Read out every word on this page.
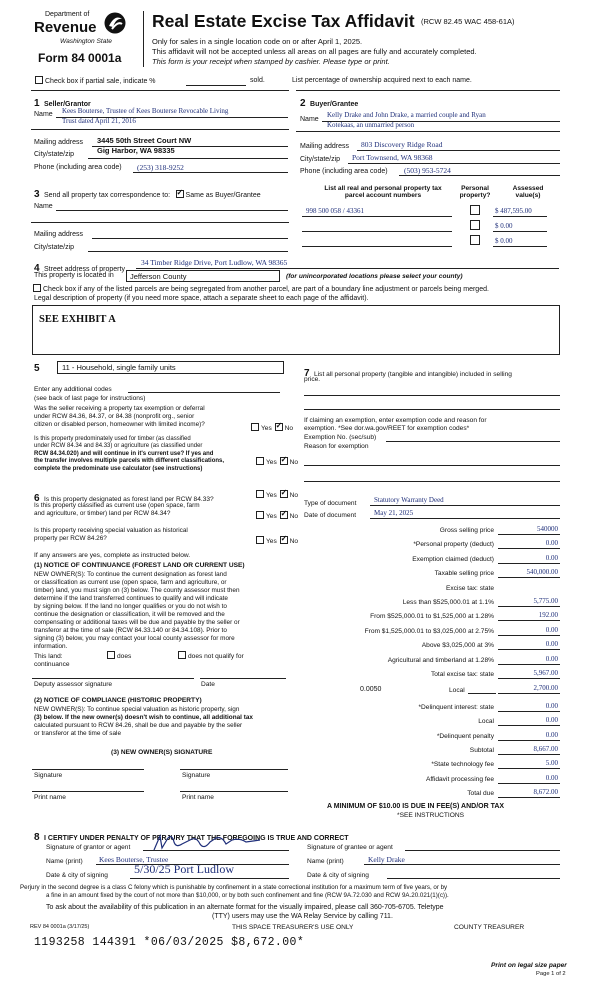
Department of
Revenue
Washington State
Form 84 0001a
Real Estate Excise Tax Affidavit (RCW 82.45 WAC 458-61A)
Only for sales in a single location code on or after April 1, 2025.
This affidavit will not be accepted unless all areas on all pages are fully and accurately completed.
This form is your receipt when stamped by cashier. Please type or print.
Check box if partial sale, indicate %	sold.	List percentage of ownership acquired next to each name.
1 Seller/Grantor
Name Kees Bouterse, Trustee of Kees Bouterse Revocable Living
Trust dated April 21, 2016
Mailing address 3445 50th Street Court NW
City/state/zip	Gig Harbor, WA 98335
Phone (including area code) (253) 318-9252
2 Buyer/Grantee
Name
Kelly Drake and John Drake, a married couple and Ryan
Kotekaas, an unmarried person
Mailing address 803 Discovery Ridge Road
City/state/zip Port Townsend, WA 98368
Phone (including area code) (503) 953-5724
3 Send all property tax correspondence to: ✓ Same as Buyer/Grantee
Name
Mailing address
City/state/zip
List all real and personal property tax
parcel account numbers
Personal
property?
Assessed
value(s)
998 500 058 / 43361	$ 487,595.00
$ 0.00
$ 0.00
4 Street address of property
34 Timber Ridge Drive, Port Ludlow, WA 98365
This property is located in	Jefferson County	(for unincorporated locations please select your county)
Check box if any of the listed parcels are being segregated from another parcel, are part of a boundary line adjustment or parcels being merged.
Legal description of property (if you need more space, attach a separate sheet to each page of the affidavit).
SEE EXHIBIT A
5	11 - Household, single family units
Enter any additional codes
(see back of last page for instructions)
Was the seller receiving a property tax exemption or deferral
under RCW 84.36, 84.37, or 84.38 (nonprofit org., senior
citizen or disabled person, homeowner with limited income)?
Yes ✓ No
Is this property predominately used for timber (as classified
under RCW 84.34 and 84.33) or agriculture (as classified under
RCW 84.34.020) and will continue in it's current use? If yes and
the transfer involves multiple parcels with different classifications,
complete the predominate use calculator (see instructions)
Yes ✓ No
6 Is this property designated as forest land per RCW 84.33?
Yes ✓ No
Is this property classified as current use (open space, farm
and agriculture, or timber) land per RCW 84.34?	Yes ✓ No
Is this property receiving special valuation as historical
property per RCW 84.26?	Yes ✓ No
If any answers are yes, complete as instructed below.
(1) NOTICE OF CONTINUANCE (FOREST LAND OR CURRENT USE)
NEW OWNER(S): To continue the current designation as forest land
or classification as current use (open space, farm and agriculture, or
timber) land, you must sign on (3) below. The county assessor must then
determine if the land transferred continues to qualify and will indicate
by signing below. If the land no longer qualifies or you do not wish to
continue the designation or classification, it will be removed and the
compensating or additional taxes will be due and payable by the seller or
transferor at the time of sale (RCW 84.33.140 or 84.34.108). Prior to
signing (3) below, you may contact your local county assessor for more
information.
This land:
continuance
does	does not qualify for
Deputy assessor signature	Date
(2) NOTICE OF COMPLIANCE (HISTORIC PROPERTY)
NEW OWNER(S): To continue special valuation as historic property, sign
(3) below. If the new owner(s) doesn't wish to continue, all additional tax
calculated pursuant to RCW 84.26, shall be due and payable by the seller
or transferor at the time of sale
(3) NEW OWNER(S) SIGNATURE
Signature	Signature
Print name	Print name
7 List all personal property (tangible and intangible) included in selling
price.
If claiming an exemption, enter exemption code and reason for
exemption. *See dor.wa.gov/REET for exemption codes*
Exemption No. (sec/sub)
Reason for exemption
Type of document	Statutory Warranty Deed
Date of document	May 21, 2025
Gross selling price	540000
*Personal property (deduct)	0.00
Exemption claimed (deduct)	0.00
Taxable selling price	540,000.00
Excise tax: state
Less than $525,000.01 at 1.1%	5,775.00
From $525,000.01 to $1,525,000 at 1.28%	192.00
From $1,525,000.01 to $3,025,000 at 2.75%	0.00
Above $3,025,000 at 3%	0.00
Agricultural and timberland at 1.28%	0.00
Total excise tax: state	5,967.00
0.0050	Local	2,700.00
*Delinquent interest: state	0.00
Local	0.00
*Delinquent penalty	0.00
Subtotal	8,667.00
*State technology fee	5.00
Affidavit processing fee	0.00
Total due	8,672.00
A MINIMUM OF $10.00 IS DUE IN FEE(S) AND/OR TAX
*SEE INSTRUCTIONS
8 I CERTIFY UNDER PENALTY OF PERJURY THAT THE FOREGOING IS TRUE AND CORRECT
Signature of grantor or agent
Name (print) Kees Bouterse, Trustee
Date & city of signing 5/30/25 Port Ludlow
Signature of grantee or agent
Name (print)	Kelly Drake
Date & city of signing
Perjury in the second degree is a class C felony which is punishable by confinement in a state correctional institution for a maximum term of five years, or by
a fine in an amount fixed by the court of not more than $10,000, or by both such confinement and fine (RCW 9A.72.030 and RCW 9A.20.021(1)(c)).
To ask about the availability of this publication in an alternate format for the visually impaired, please call 360-705-6705. Teletype
(TTY) users may use the WA Relay Service by calling 711.
REV 84 0001a (3/17/25)	THIS SPACE TREASURER'S USE ONLY	COUNTY TREASURER
1193258 144391 *06/03/2025 $8,672.00*
Print on legal size paper
Page 1 of 2
